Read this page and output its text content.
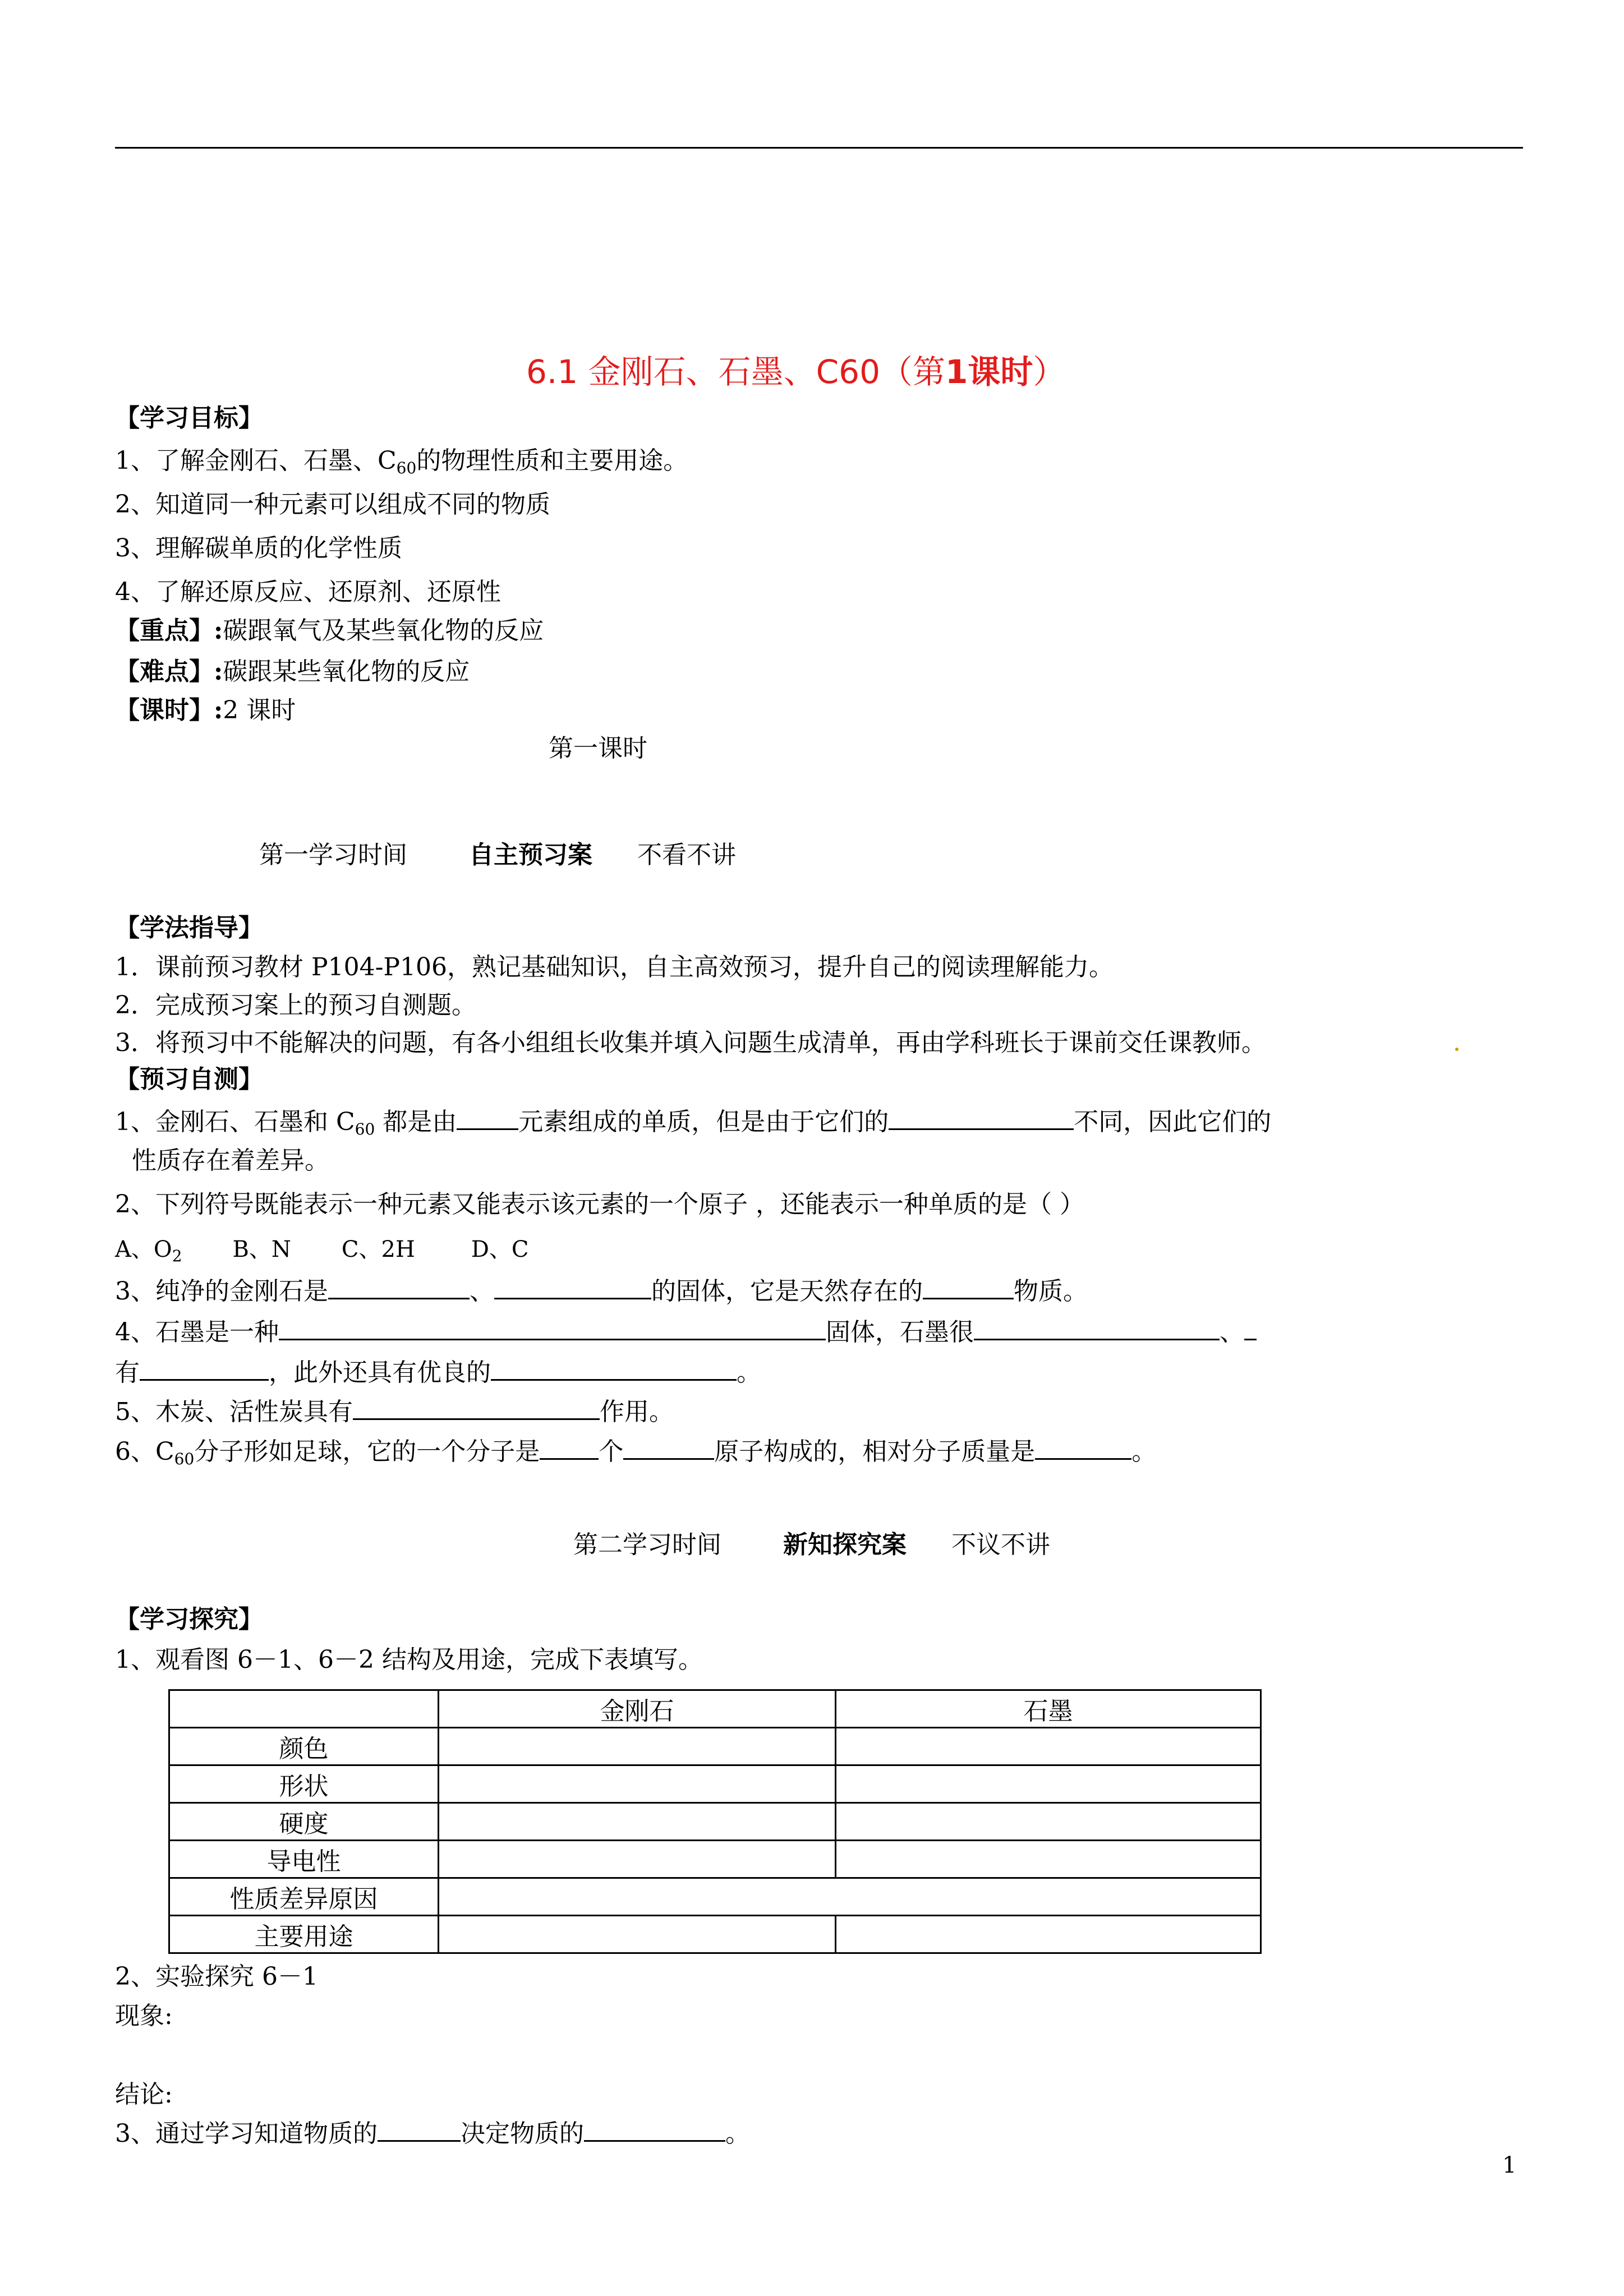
6.1 金刚石、石墨、C60（第1课时）
【学习目标】
1、了解金刚石、石墨、$C_{60}$的物理性质和主要用途。
2、知道同一种元素可以组成不同的物质
3、理解碳单质的化学性质
4、了解还原反应、还原剂、还原性
【重点】:碳跟氧气及某些氧化物的反应
【难点】:碳跟某些氧化物的反应
【课时】:2 课时
第一课时
第一学习时间	自主预习案 不看不讲
【学法指导】
1．课前预习教材 P104-P106，熟记基础知识，自主高效预习，提升自己的阅读理解能力。
2．完成预习案上的预习自测题。
3．将预习中不能解决的问题，有各小组组长收集并填入问题生成清单，再由学科班长于课前交任课教师。
【预习自测】
1、金刚石、石墨和 $C_{60}$ 都是由	元素组成的单质，但是由于它们的	不同，因此它们的
性质存在着差异。
2、下列符号既能表示一种元素又能表示该元素的一个原子 ，还能表示一种单质的是（ ）
A、$O_2$ B、N C、2H	D、C
3、纯净的金刚石是	、	的固体，它是天然存在的	物质。
4、石墨是一种	固体，石墨很	、
有	，此外还具有优良的	。
5、木炭、活性炭具有	作用。
6、$C_{60}$分子形如足球，它的一个分子是 个	原子构成的，相对分子质量是	。
第二学习时间	新知探究案 不议不讲
【学习探究】
1、观看图 6－1、6－2 结构及用途，完成下表填写。
	金刚石	石墨
颜色		
形状		
硬度		
导电性		
性质差异原因		
主要用途		
2、实验探究 6－1
现象:
结论:
3、通过学习知道物质的	决定物质的	。
1
